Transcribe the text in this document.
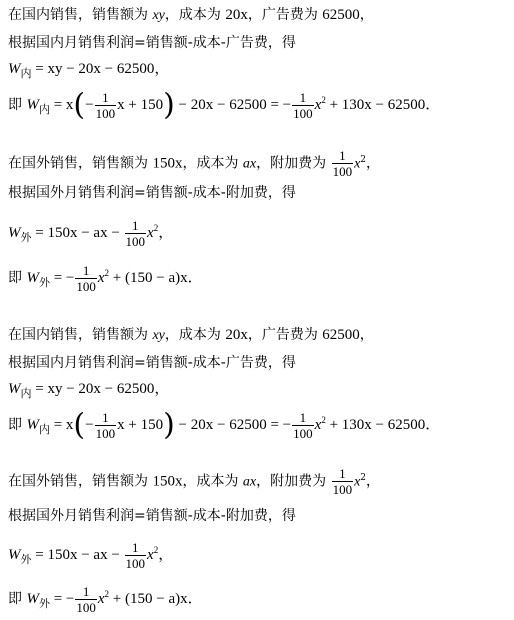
在国内销售，销售额为 xy，成本为 20x，广告费为 62500，
根据国内月销售利润=销售额-成本-广告费，得
$W_内$ = xy − 20x − 62500，
即 $W_内 = x(- \frac{1}{100}$ x + 150) − 20x − 62500 = − $\frac{1}{100} x^2 + 130x - 62500$．
在国外销售，销售额为 150x，成本为 ax，附加费为 $\frac{1}{100} x^2$，
根据国外月销售利润=销售额-成本-附加费，得
$W_外 = 150x$ − ax − $\frac{1}{100} x^2$，
即 $W_外$ = − $\frac{1}{100} x^2 + (150 - a)x$．
在国内销售，销售额为 xy，成本为 20x，广告费为 62500，
根据国内月销售利润=销售额-成本-广告费，得
$W_内$ = xy − 20x − 62500，
即 $W_内 = x(- \frac{1}{100}$ x + 150) − 20x − 62500 = − $\frac{1}{100} x^2 + 130x - 62500$．
在国外销售，销售额为 150x，成本为 ax，附加费为 $\frac{1}{100} x^2$，
根据国外月销售利润=销售额-成本-附加费，得
$W_外 = 150x$ − ax − $\frac{1}{100} x^2$，
即 $W_外$ = − $\frac{1}{100} x^2 + (150 - a)x$．
